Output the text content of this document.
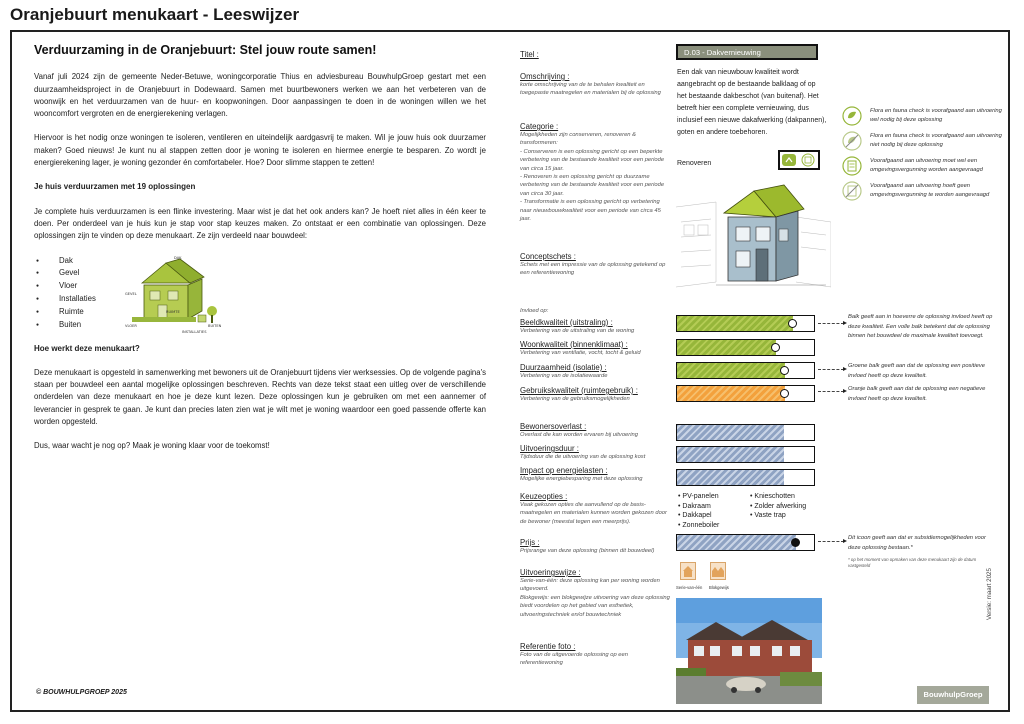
Oranjebuurt menukaart - Leeswijzer
Verduurzaming in de Oranjebuurt: Stel jouw route samen!

Vanaf juli 2024 zijn de gemeente Neder-Betuwe, woningcorporatie Thius en adviesbureau BouwhulpGroep gestart met een duurzaamheidsproject in de Oranjebuurt in Dodewaard. Samen met buurtbewoners werken we aan het verbeteren van de woonwijk en het verduurzamen van de huur- en koopwoningen. Door aanpassingen te doen in de woningen willen we het wooncomfort vergroten en de energierekening verlagen.

Hiervoor is het nodig onze woningen te isoleren, ventileren en uiteindelijk aardgasvrij te maken. Wil je jouw huis ook duurzamer maken? Goed nieuws! Je kunt nu al stappen zetten door je woning te isoleren en hiermee energie te besparen. Zo wordt je energierekening lager, je woning gezonder én comfortabeler. Hoe? Door slimme stappen te zetten!

Je huis verduurzamen met 19 oplossingen

Je complete huis verduurzamen is een flinke investering. Maar wist je dat het ook anders kan? Je hoeft niet alles in één keer te doen. Per onderdeel van je huis kun je stap voor stap keuzes maken. Zo ontstaat er een combinatie van oplossingen. Deze oplossingen zijn te vinden op deze menukaart. Ze zijn verdeeld naar bouwdeel:

● Dak
● Gevel
● Vloer
● Installaties
● Ruimte
● Buiten
DAK
GEVEL
VLOER
RUIMTE
BUITEN
INSTALLATIES
Hoe werkt deze menukaart?

Deze menukaart is opgesteld in samenwerking met bewoners uit de Oranjebuurt tijdens vier werksessies. Op de volgende pagina's staan per bouwdeel een aantal mogelijke oplossingen beschreven. Rechts van deze tekst staat een uitleg over de verschillende onderdelen van deze menukaart en hoe je deze kunt lezen. Deze oplossingen kun je gebruiken om met een aannemer of leverancier in gesprek te gaan. Je kunt dan precies laten zien wat je wilt met je woning waardoor een goed passende offerte kan worden opgesteld.

Dus, waar wacht je nog op? Maak je woning klaar voor de toekomst!

© BOUWHULPGROEP 2025
Titel :
Omschrijving :
korte omschrijving van de te behalen kwaliteit en toegepaste maatregelen en materialen bij de oplossing
Categorie :
Mogelijkheden zijn conserveren, renoveren & transformeren:
- Conserveren is een oplossing gericht op een beperkte verbetering van de bestaande kwaliteit voor een periode van circa 15 jaar.
- Renoveren is een oplossing gericht op duurzame verbetering van de bestaande kwaliteit voor een periode van circa 30 jaar.
- Transformatie is een oplossing gericht op verbetering naar nieuwbouwkwaliteit voor een periode van circa 45 jaar.
Conceptschets :
Schets met een impressie van de oplossing getekend op een referentiewoning
Invloed op:
Beeldkwaliteit (uitstraling) :
Verbetering van de uitstraling van de woning
Woonkwaliteit (binnenklimaat) :
Verbetering van ventilatie, vocht, tocht & geluid
Duurzaamheid (isolatie) :
Verbetering van de isolatiewaarde
Gebruikskwaliteit (ruimtegebruik) :
Verbetering van de gebruiksmogelijkheden
Bewonersoverlast :
Overlast die kan worden ervaren bij uitvoering
Uitvoeringsduur :
Tijdsduur die de uitvoering van de oplossing kost
Impact op energielasten :
Mogelijke energiebesparing met deze oplossing
Keuzeopties :
Vaak gekozen opties die aanvullend op de basis-maatregelen en materialen kunnen worden gekozen door de bewoner (meestal tegen een meerprijs).
Prijs :
Prijsrange van deze oplossing (binnen dit bouwdeel)
Uitvoeringswijze :
Serie-van-één: deze oplossing kan per woning worden uitgevoerd.
Blokgewijs: een blokgewijze uitvoering van deze oplossing biedt voordelen op het gebied van esthetiek, uitvoeringstechniek en/of bouwtechniek
Referentie foto :
Foto van de uitgevoerde oplossing op een referentiewoning
D.03 - Dakvernieuwing
Een dak van nieuwbouw kwaliteit wordt aangebracht op de bestaande balklaag of op het bestaande dakbeschot (van buitenaf). Het betreft hier een complete vernieuwing, dus inclusief een nieuwe dakafwerking (dakpannen), goten en andere toebehoren.
Renoveren
• PV-panelen
• Dakraam
• Dakkapel
• Zonneboiler
• Knieschotten
• Zolder afwerking
• Vaste trap
Serie-van-één Blokgewijs
Flora en fauna check is voorafgaand aan uitvoering wel nodig bij deze oplossing
Flora en fauna check is voorafgaand aan uitvoering niet nodig bij deze oplossing
Voorafgaand aan uitvoering moet wel een omgevingsvergunning worden aangevraagd
Voorafgaand aan uitvoering hoeft geen omgevingsvergunning te worden aangevraagd
Balk geeft aan in hoeverre de oplossing invloed heeft op deze kwaliteit. Een volle balk betekent dat de oplossing binnen het bouwdeel de maximale kwaliteit toevoegt.
Groene balk geeft aan dat de oplossing een positieve invloed heeft op deze kwaliteit.
Oranje balk geeft aan dat de oplossing een negatieve invloed heeft op deze kwaliteit.
Dit icoon geeft aan dat er subsidiemogelijkheden voor deze oplossing bestaan.*
* op het moment van opmaken van deze menukaart zijn de datum vastgesteld
Versie: maart 2025
BouwhulpGroep
